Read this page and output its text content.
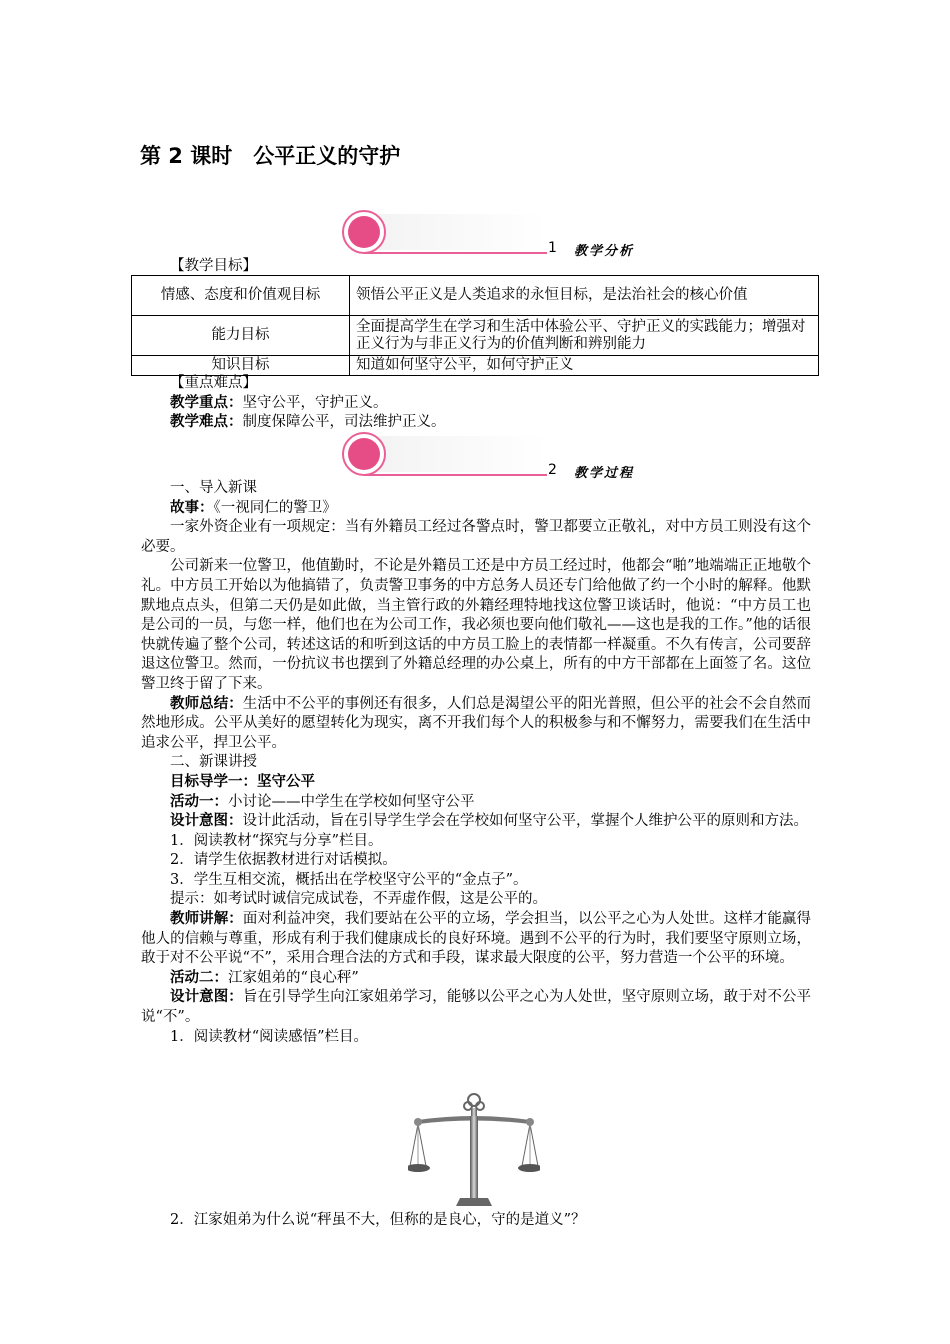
第 2 课时　公平正义的守护
1 教学分析

【教学目标】

情感、态度和价值观目标	领悟公平正义是人类追求的永恒目标，是法治社会的核心价值
能力目标	全面提高学生在学习和生活中体验公平、守护正义的实践能力；增强对正义行为与非正义行为的价值判断和辨别能力
知识目标	知道如何坚守公平，如何守护正义

【重点难点】

教学重点：坚守公平，守护正义。

教学难点：制度保障公平，司法维护正义。

2 教学过程

一、导入新课

故事：《一视同仁的警卫》

一家外资企业有一项规定：当有外籍员工经过各警点时，警卫都要立正敬礼，对中方员工则没有这个必要。

公司新来一位警卫，他值勤时，不论是外籍员工还是中方员工经过时，他都会“啪”地端端正正地敬个礼。中方员工开始以为他搞错了，负责警卫事务的中方总务人员还专门给他做了约一个小时的解释。他默默地点点头，但第二天仍是如此做，当主管行政的外籍经理特地找这位警卫谈话时，他说：“中方员工也是公司的一员，与您一样，他们也在为公司工作，我必须也要向他们敬礼——这也是我的工作。”他的话很快就传遍了整个公司，转述这话的和听到这话的中方员工脸上的表情都一样凝重。不久有传言，公司要辞退这位警卫。然而，一份抗议书也摆到了外籍总经理的办公桌上，所有的中方干部都在上面签了名。这位警卫终于留了下来。

教师总结：生活中不公平的事例还有很多，人们总是渴望公平的阳光普照，但公平的社会不会自然而然地形成。公平从美好的愿望转化为现实，离不开我们每个人的积极参与和不懈努力，需要我们在生活中追求公平，捍卫公平。

二、新课讲授

目标导学一：坚守公平

活动一：小讨论——中学生在学校如何坚守公平

设计意图：设计此活动，旨在引导学生学会在学校如何坚守公平，掌握个人维护公平的原则和方法。

1．阅读教材“探究与分享”栏目。

2．请学生依据教材进行对话模拟。

3．学生互相交流，概括出在学校坚守公平的“金点子”。

提示：如考试时诚信完成试卷，不弄虚作假，这是公平的。

教师讲解：面对利益冲突，我们要站在公平的立场，学会担当，以公平之心为人处世。这样才能赢得他人的信赖与尊重，形成有利于我们健康成长的良好环境。遇到不公平的行为时，我们要坚守原则立场，敢于对不公平说“不”，采用合理合法的方式和手段，谋求最大限度的公平，努力营造一个公平的环境。

活动二：江家姐弟的“良心秤”

设计意图：旨在引导学生向江家姐弟学习，能够以公平之心为人处世，坚守原则立场，敢于对不公平说“不”。

1．阅读教材“阅读感悟”栏目。

2．江家姐弟为什么说“秤虽不大，但称的是良心，守的是道义”？
